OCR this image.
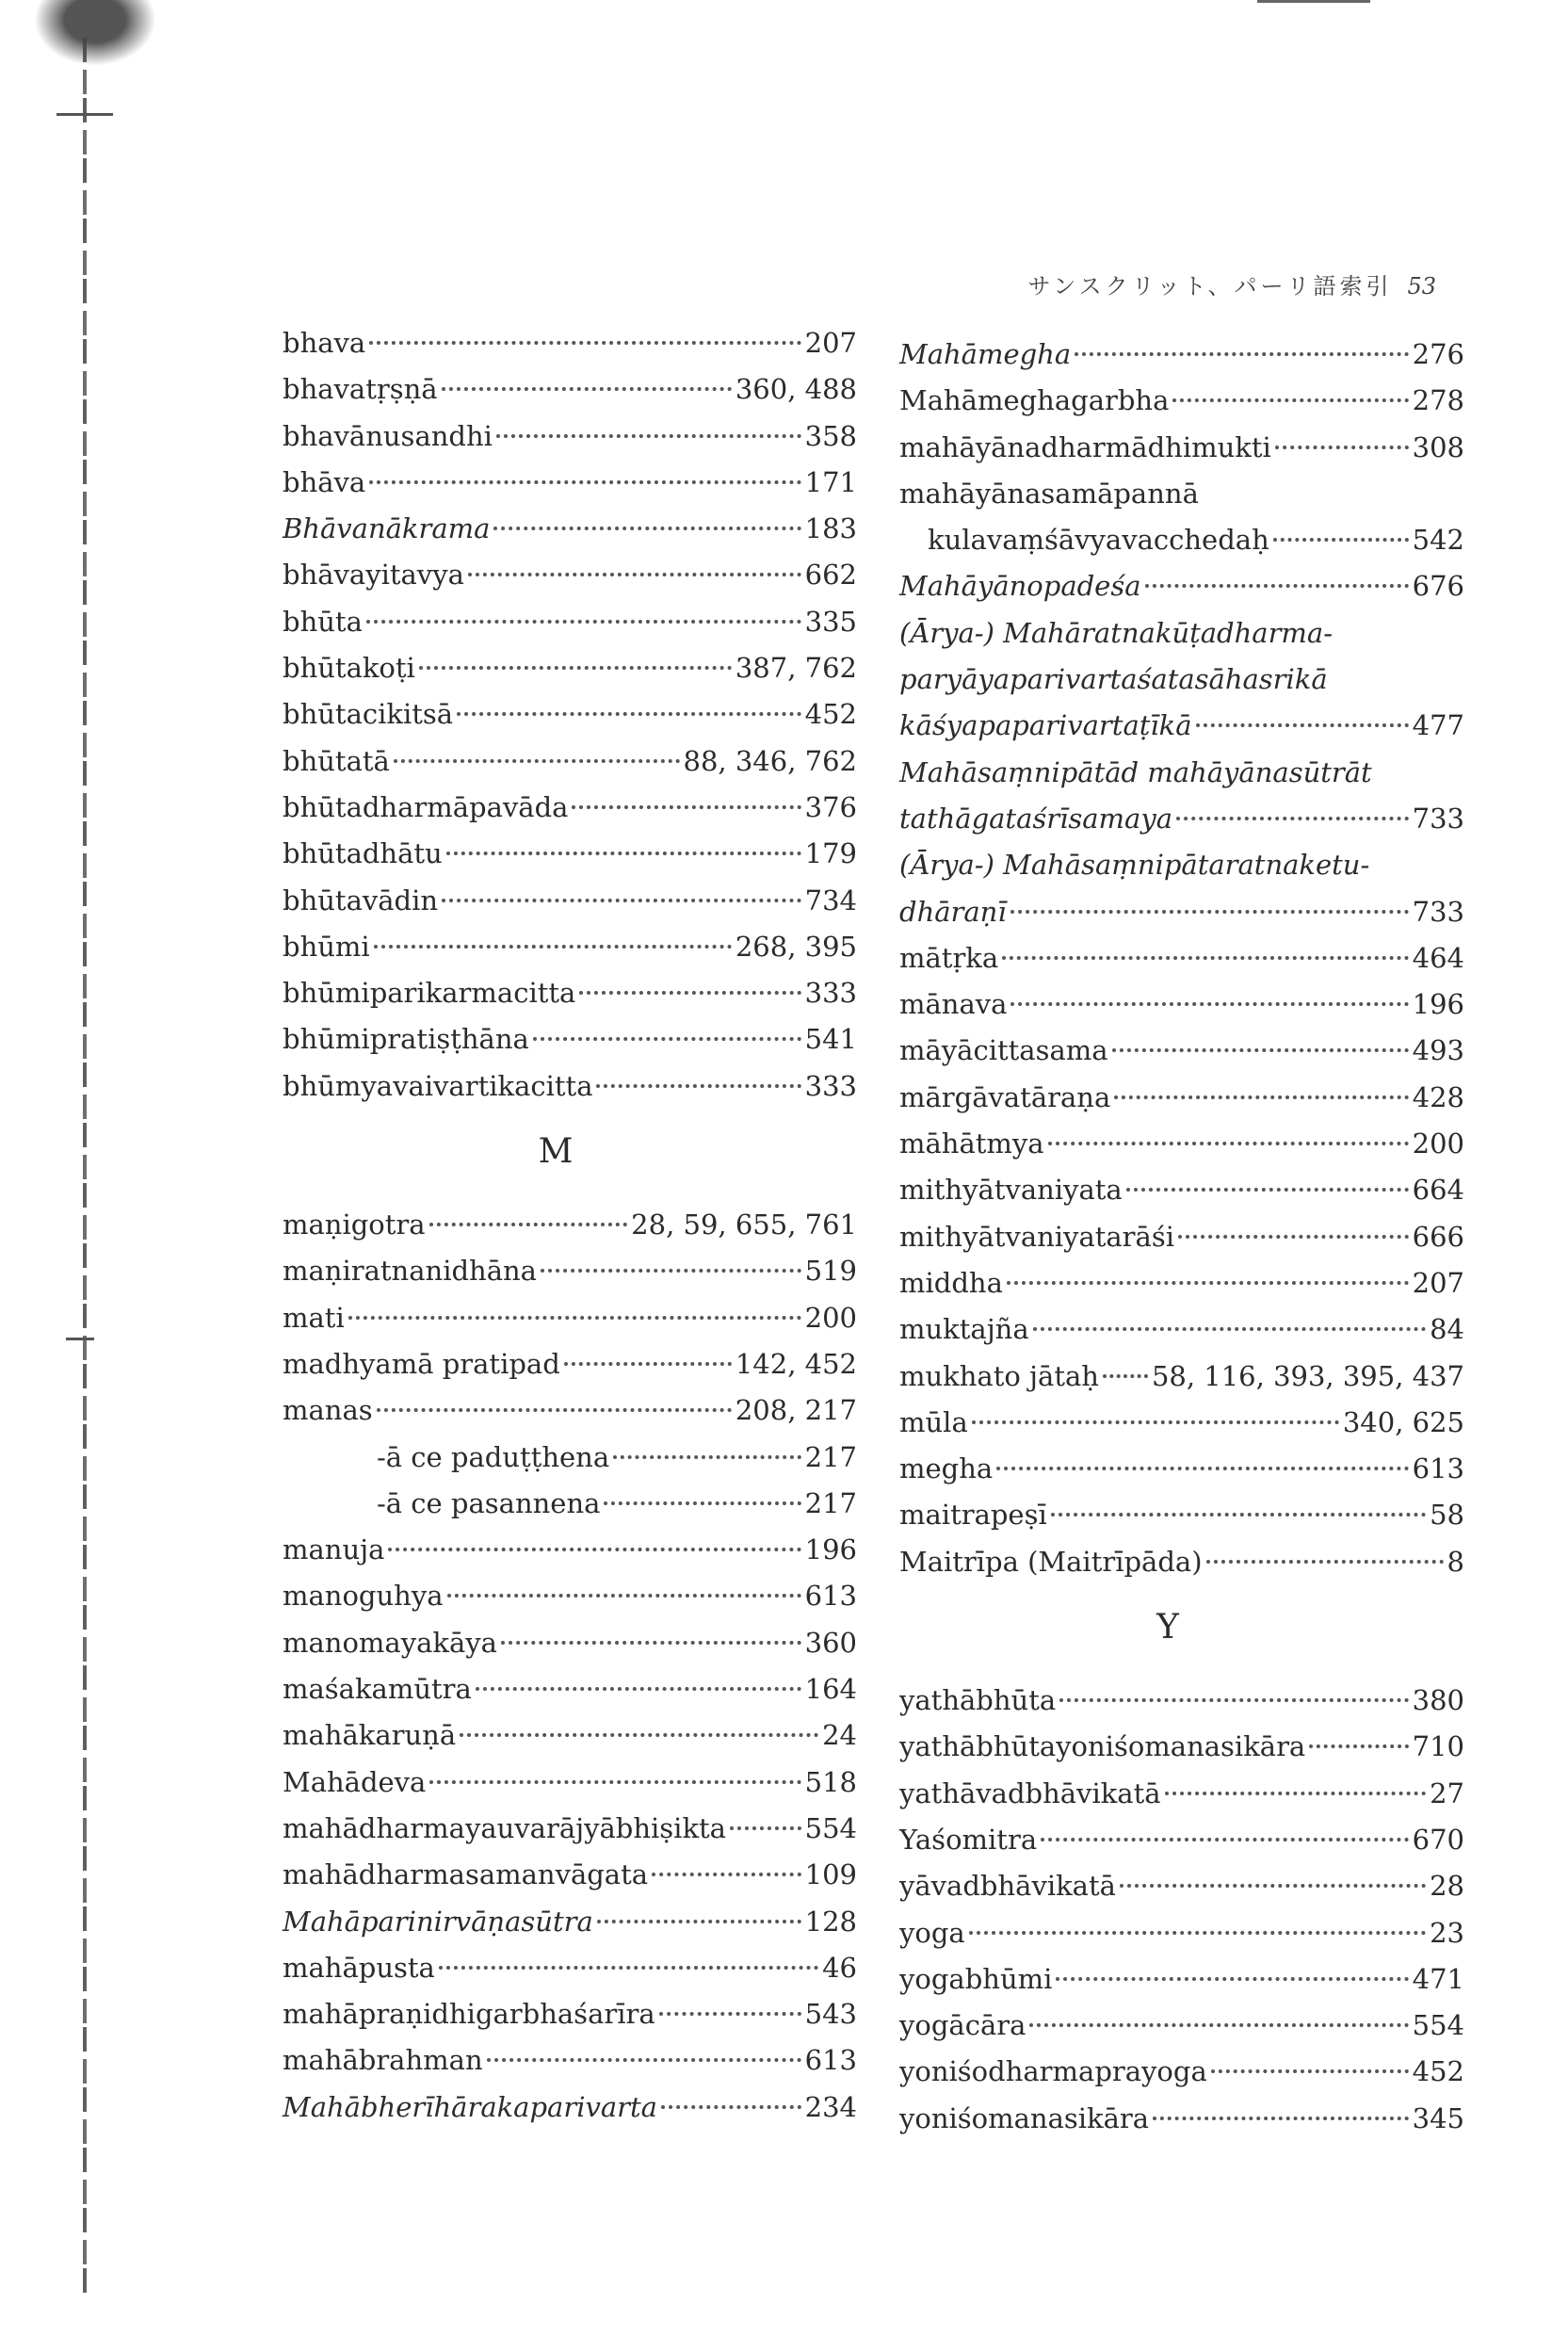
サンスクリット、パーリ語索引 53
bhava	207
bhavatṛṣṇā	360, 488
bhavānusandhi	358
bhāva	171
Bhāvanākrama	183
bhāvayitavya	662
bhūta	335
bhūtakoṭi	387, 762
bhūtacikitsā	452
bhūtatā	88, 346, 762
bhūtadharmāpavāda	376
bhūtadhātu	179
bhūtavādin	734
bhūmi	268, 395
bhūmiparikarmacitta	333
bhūmipratiṣṭhāna	541
bhūmyavaivartikacitta	333
M
maṇigotra	28, 59, 655, 761
maṇiratnanidhāna	519
mati	200
madhyamā pratipad	142, 452
manas	208, 217
-ā ce paduṭṭhena	217
-ā ce pasannena	217
manuja	196
manoguhya	613
manomayakāya	360
maśakamūtra	164
mahākaruṇā	24
Mahādeva	518
mahādharmayauvarājyābhiṣikta	554
mahādharmasamanvāgata	109
Mahāparinirvāṇasūtra	128
mahāpusta	46
mahāpraṇidhigarbhaśarīra	543
mahābrahman	613
Mahābherīhārakaparivarta	234
Mahāmegha	276
Mahāmeghagarbha	278
mahāyānadharmādhimukti	308
mahāyānasamāpannā
kulavaṃśāvyavacchedaḥ	542
Mahāyānopadeśa	676
(Ārya-) Mahāratnakūṭadharma-
paryāyaparivartaśatasāhasrikā
kāśyapaparivartaṭīkā	477
Mahāsaṃnipātād mahāyānasūtrāt
tathāgataśrīsamaya	733
(Ārya-) Mahāsaṃnipātaratnaketu-
dhāraṇī	733
mātṛka	464
mānava	196
māyācittasama	493
mārgāvatāraṇa	428
māhātmya	200
mithyātvaniyata	664
mithyātvaniyatarāśi	666
middha	207
muktajña	84
mukhato jātaḥ 58, 116, 393, 395, 437
mūla	340, 625
megha	613
maitrapeṣī	58
Maitrīpa (Maitrīpāda)	8
Y
yathābhūta	380
yathābhūtayoniśomanasikāra	710
yathāvadbhāvikatā	27
Yaśomitra	670
yāvadbhāvikatā	28
yoga	23
yogabhūmi	471
yogācāra	554
yoniśodharmaprayoga	452
yoniśomanasikāra	345
